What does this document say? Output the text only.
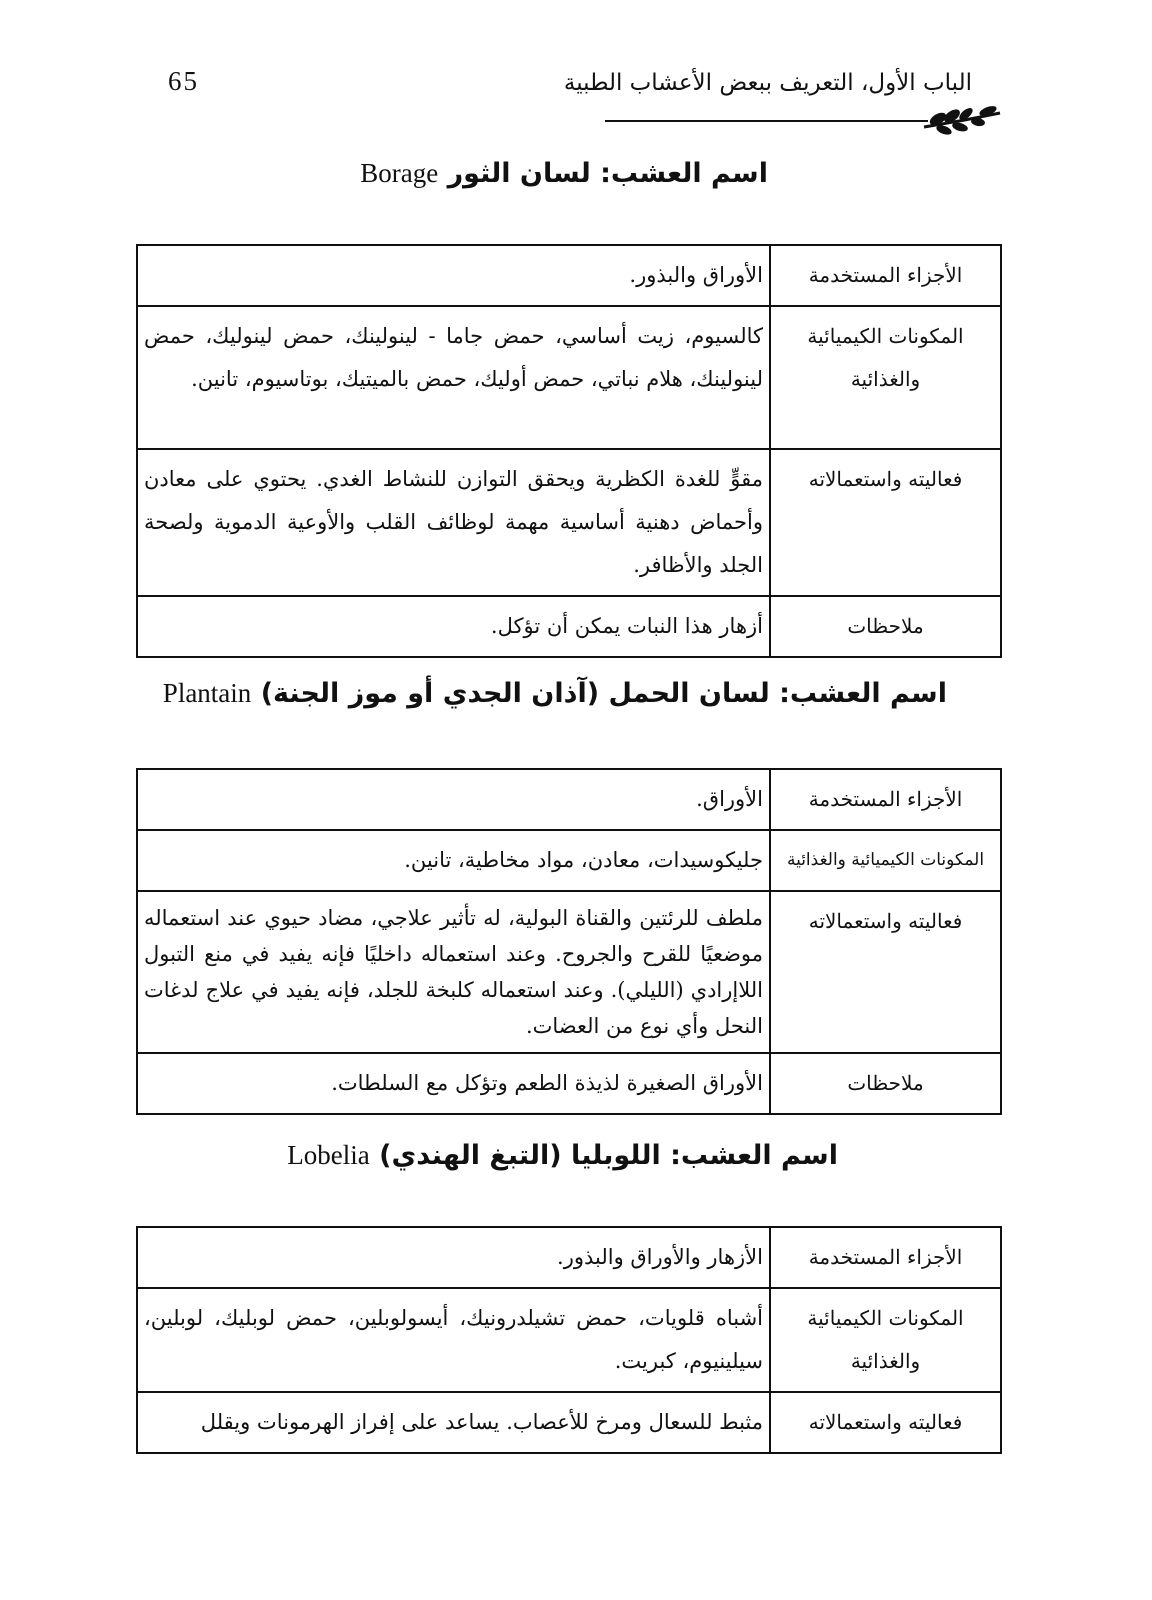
65	الباب الأول، التعريف ببعض الأعشاب الطبية
اسم العشب: لسان الثور Borage
الأجزاء المستخدمة	الأوراق والبذور.
المكونات الكيميائية والغذائية	كالسيوم، زيت أساسي، حمض جاما - لينولينك، حمض لينوليك، حمض لينولينك، هلام نباتي، حمض أوليك، حمض بالميتيك، بوتاسيوم، تانين.
فعاليته واستعمالاته	مقوٍّ للغدة الكظرية ويحقق التوازن للنشاط الغدي. يحتوي على معادن وأحماض دهنية أساسية مهمة لوظائف القلب والأوعية الدموية ولصحة الجلد والأظافر.
ملاحظات	أزهار هذا النبات يمكن أن تؤكل.
اسم العشب: لسان الحمل (آذان الجدي أو موز الجنة) Plantain
الأجزاء المستخدمة	الأوراق.
المكونات الكيميائية والغذائية	جليكوسيدات، معادن، مواد مخاطية، تانين.
فعاليته واستعمالاته	ملطف للرئتين والقناة البولية، له تأثير علاجي، مضاد حيوي عند استعماله موضعيًا للقرح والجروح. وعند استعماله داخليًا فإنه يفيد في منع التبول اللاإرادي (الليلي). وعند استعماله كلبخة للجلد، فإنه يفيد في علاج لدغات النحل وأي نوع من العضات.
ملاحظات	الأوراق الصغيرة لذيذة الطعم وتؤكل مع السلطات.
اسم العشب: اللوبليا (التبغ الهندي) Lobelia
الأجزاء المستخدمة	الأزهار والأوراق والبذور.
المكونات الكيميائية والغذائية	أشباه قلويات، حمض تشيلدرونيك، أيسولوبلين، حمض لوبليك، لوبلين، سيلينيوم، كبريت.
فعاليته واستعمالاته	مثبط للسعال ومرخ للأعصاب. يساعد على إفراز الهرمونات ويقلل
